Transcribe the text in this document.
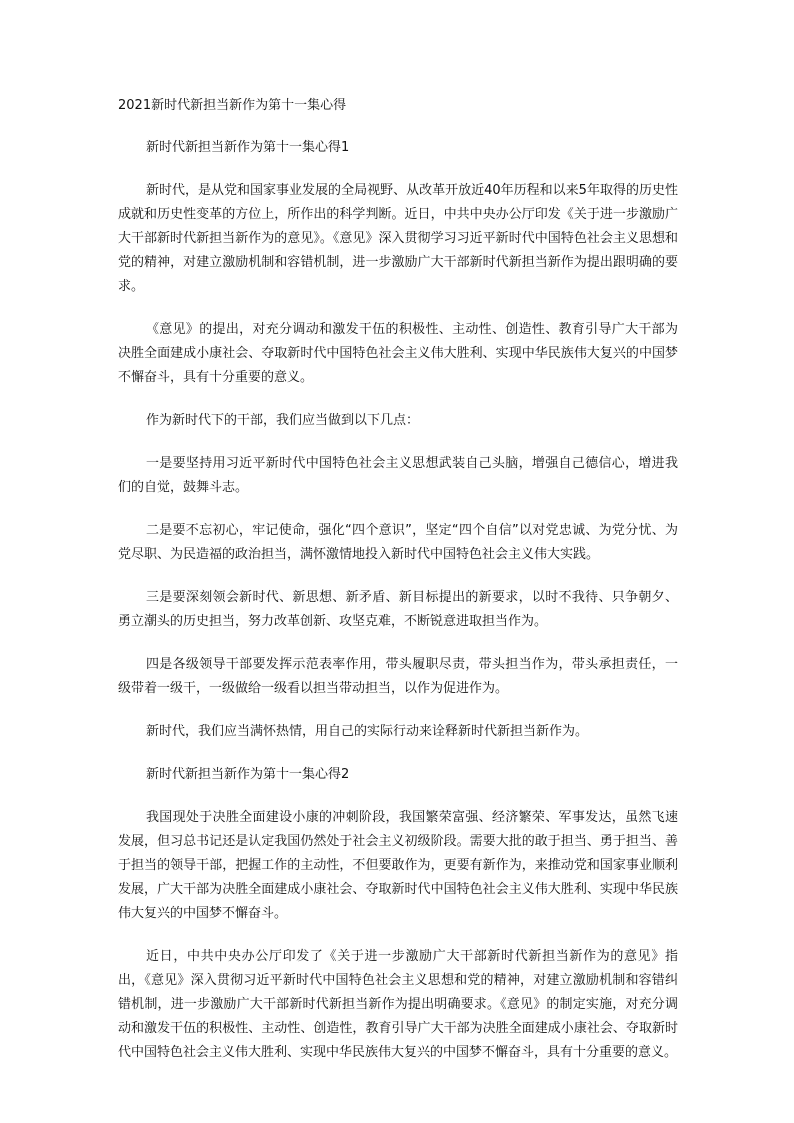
2021新时代新担当新作为第十一集心得

新时代新担当新作为第十一集心得1

新时代，是从党和国家事业发展的全局视野、从改革开放近40年历程和以来5年取得的历史性成就和历史性变革的方位上，所作出的科学判断。近日，中共中央办公厅印发《关于进一步激励广大干部新时代新担当新作为的意见》。《意见》深入贯彻学习习近平新时代中国特色社会主义思想和党的精神，对建立激励机制和容错机制，进一步激励广大干部新时代新担当新作为提出跟明确的要求。

《意见》的提出，对充分调动和激发干伍的积极性、主动性、创造性、教育引导广大干部为决胜全面建成小康社会、夺取新时代中国特色社会主义伟大胜利、实现中华民族伟大复兴的中国梦不懈奋斗，具有十分重要的意义。

作为新时代下的干部，我们应当做到以下几点：

一是要坚持用习近平新时代中国特色社会主义思想武装自己头脑，增强自己德信心，增进我们的自觉，鼓舞斗志。

二是要不忘初心，牢记使命，强化“四个意识”，坚定“四个自信”以对党忠诚、为党分忧、为党尽职、为民造福的政治担当，满怀激情地投入新时代中国特色社会主义伟大实践。

三是要深刻领会新时代、新思想、新矛盾、新目标提出的新要求，以时不我待、只争朝夕、勇立潮头的历史担当，努力改革创新、攻坚克难，不断锐意进取担当作为。

四是各级领导干部要发挥示范表率作用，带头履职尽责，带头担当作为，带头承担责任，一级带着一级干，一级做给一级看以担当带动担当，以作为促进作为。

新时代，我们应当满怀热情，用自己的实际行动来诠释新时代新担当新作为。

新时代新担当新作为第十一集心得2

我国现处于决胜全面建设小康的冲刺阶段，我国繁荣富强、经济繁荣、军事发达，虽然飞速发展，但习总书记还是认定我国仍然处于社会主义初级阶段。需要大批的敢于担当、勇于担当、善于担当的领导干部，把握工作的主动性，不但要敢作为，更要有新作为，来推动党和国家事业顺利发展，广大干部为决胜全面建成小康社会、夺取新时代中国特色社会主义伟大胜利、实现中华民族伟大复兴的中国梦不懈奋斗。

近日，中共中央办公厅印发了《关于进一步激励广大干部新时代新担当新作为的意见》指出，《意见》深入贯彻习近平新时代中国特色社会主义思想和党的精神，对建立激励机制和容错纠错机制，进一步激励广大干部新时代新担当新作为提出明确要求。《意见》的制定实施，对充分调动和激发干伍的积极性、主动性、创造性，教育引导广大干部为决胜全面建成小康社会、夺取新时代中国特色社会主义伟大胜利、实现中华民族伟大复兴的中国梦不懈奋斗，具有十分重要的意义。
